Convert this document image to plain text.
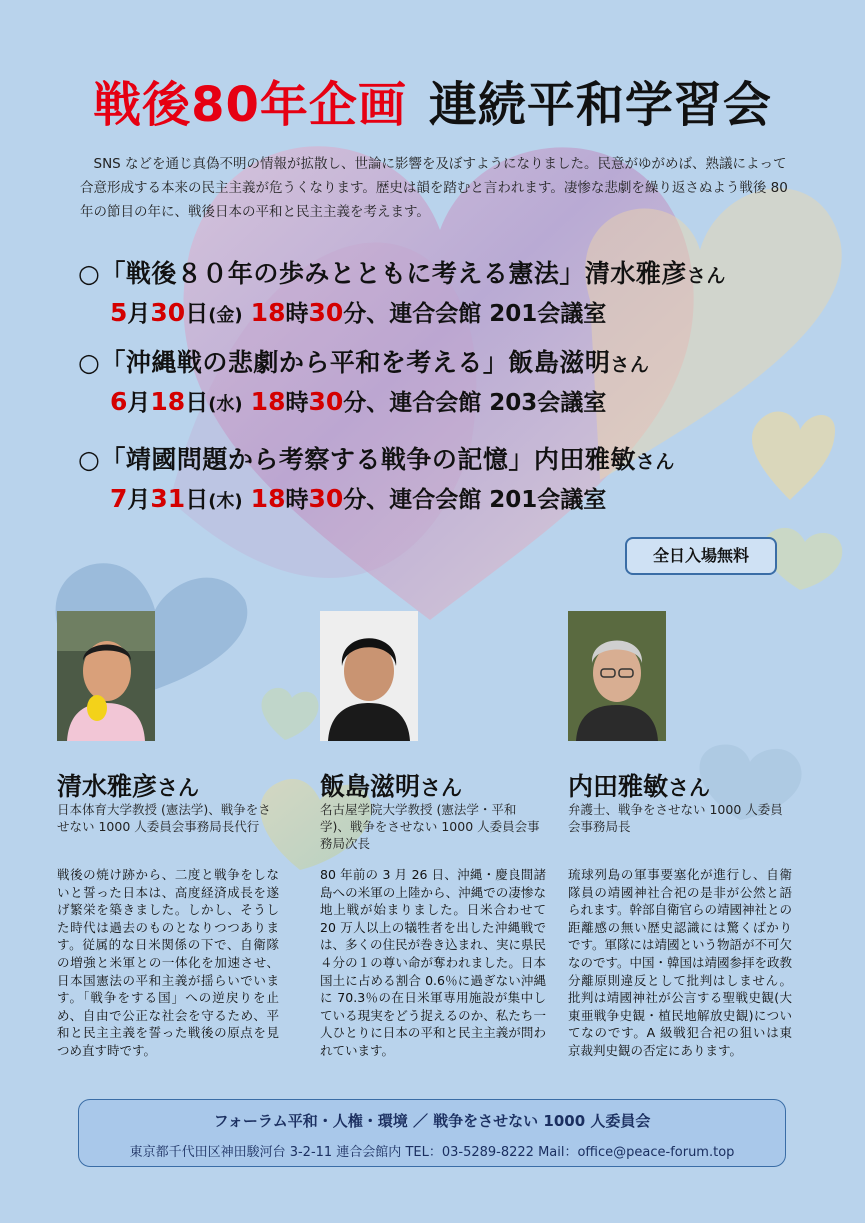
戦後80年企画 連続平和学習会
SNS などを通じ真偽不明の情報が拡散し、世論に影響を及ぼすようになりました。民意がゆがめば、熟議によって合意形成する本来の民主主義が危うくなります。歴史は韻を踏むと言われます。凄惨な悲劇を繰り返さぬよう戦後 80 年の節目の年に、戦後日本の平和と民主主義を考えます。
○「戦後８０年の歩みとともに考える憲法」清水雅彦さん
5月30日(金) 18時30分、連合会館 201会議室
○「沖縄戦の悲劇から平和を考える」飯島滋明さん
6月18日(水) 18時30分、連合会館 203会議室
○「靖國問題から考察する戦争の記憶」内田雅敏さん
7月31日(木) 18時30分、連合会館 201会議室
全日入場無料
清水雅彦さん
日本体育大学教授 (憲法学)、戦争をさせない 1000 人委員会事務局長代行
戦後の焼け跡から、二度と戦争をしないと誓った日本は、高度経済成長を遂げ繁栄を築きました。しかし、そうした時代は過去のものとなりつつあります。従属的な日米関係の下で、自衛隊の増強と米軍との一体化を加速させ、日本国憲法の平和主義が揺らいでいます。「戦争をする国」への逆戻りを止め、自由で公正な社会を守るため、平和と民主主義を誓った戦後の原点を見つめ直す時です。
飯島滋明さん
名古屋学院大学教授 (憲法学・平和学)、戦争をさせない 1000 人委員会事務局次長
80 年前の 3 月 26 日、沖縄・慶良間諸島への米軍の上陸から、沖縄での凄惨な地上戦が始まりました。日米合わせて 20 万人以上の犠牲者を出した沖縄戦では、多くの住民が巻き込まれ、実に県民４分の１の尊い命が奪われました。日本国土に占める割合 0.6％に過ぎない沖縄に 70.3％の在日米軍専用施設が集中している現実をどう捉えるのか、私たち一人ひとりに日本の平和と民主主義が問われています。
内田雅敏さん
弁護士、戦争をさせない 1000 人委員会事務局長
琉球列島の軍事要塞化が進行し、自衛隊員の靖國神社合祀の是非が公然と語られます。幹部自衛官らの靖國神社との距離感の無い歴史認識には驚くばかりです。軍隊には靖國という物語が不可欠なのです。中国・韓国は靖國参拝を政教分離原則違反として批判はしません。批判は靖國神社が公言する聖戦史観(大東亜戦争史観・植民地解放史観)についてなのです。A 級戦犯合祀の狙いは東京裁判史観の否定にあります。
フォーラム平和・人権・環境 ／ 戦争をさせない 1000 人委員会
東京都千代田区神田駿河台 3-2-11 連合会館内 TEL：03-5289-8222 Mail：office@peace-forum.top
